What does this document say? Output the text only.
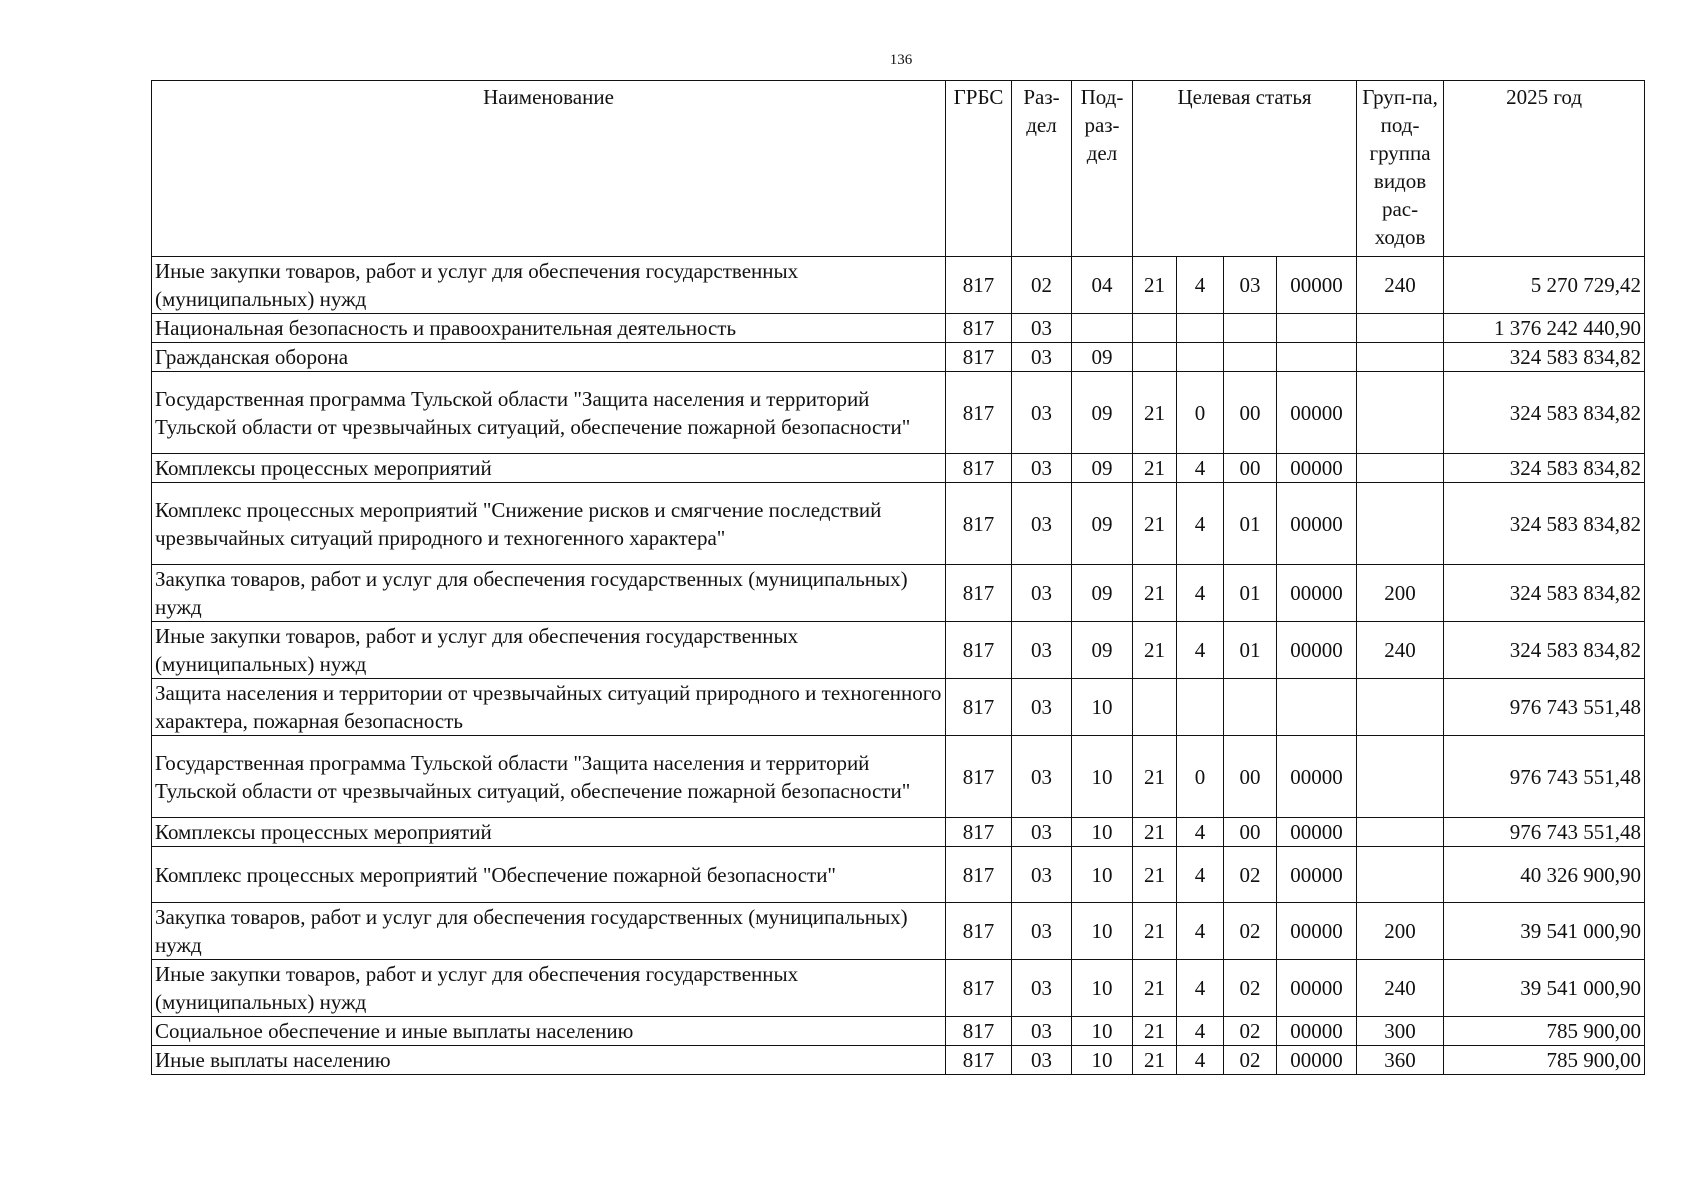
136
Наименование	ГРБС	Раз-дел	Под-раз-дел	Целевая статья				Груп-па, под-группа видов рас-ходов	2025 год
Иные закупки товаров, работ и услуг для обеспечения государственных (муниципальных) нужд	817	02	04	21	4	03	00000	240	5 270 729,42
Национальная безопасность и правоохранительная деятельность	817	03							1 376 242 440,90
Гражданская оборона	817	03	09						324 583 834,82
Государственная программа Тульской области "Защита населения и территорий Тульской области от чрезвычайных ситуаций, обеспечение пожарной безопасности"	817	03	09	21	0	00	00000		324 583 834,82
Комплексы процессных мероприятий	817	03	09	21	4	00	00000		324 583 834,82
Комплекс процессных мероприятий "Снижение рисков и смягчение последствий чрезвычайных ситуаций природного и техногенного характера"	817	03	09	21	4	01	00000		324 583 834,82
Закупка товаров, работ и услуг для обеспечения государственных (муниципальных) нужд	817	03	09	21	4	01	00000	200	324 583 834,82
Иные закупки товаров, работ и услуг для обеспечения государственных (муниципальных) нужд	817	03	09	21	4	01	00000	240	324 583 834,82
Защита населения и территории от чрезвычайных ситуаций природного и техногенного характера, пожарная безопасность	817	03	10						976 743 551,48
Государственная программа Тульской области "Защита населения и территорий Тульской области от чрезвычайных ситуаций, обеспечение пожарной безопасности"	817	03	10	21	0	00	00000		976 743 551,48
Комплексы процессных мероприятий	817	03	10	21	4	00	00000		976 743 551,48
Комплекс процессных мероприятий "Обеспечение пожарной безопасности"	817	03	10	21	4	02	00000		40 326 900,90
Закупка товаров, работ и услуг для обеспечения государственных (муниципальных) нужд	817	03	10	21	4	02	00000	200	39 541 000,90
Иные закупки товаров, работ и услуг для обеспечения государственных (муниципальных) нужд	817	03	10	21	4	02	00000	240	39 541 000,90
Социальное обеспечение и иные выплаты населению	817	03	10	21	4	02	00000	300	785 900,00
Иные выплаты населению	817	03	10	21	4	02	00000	360	785 900,00
